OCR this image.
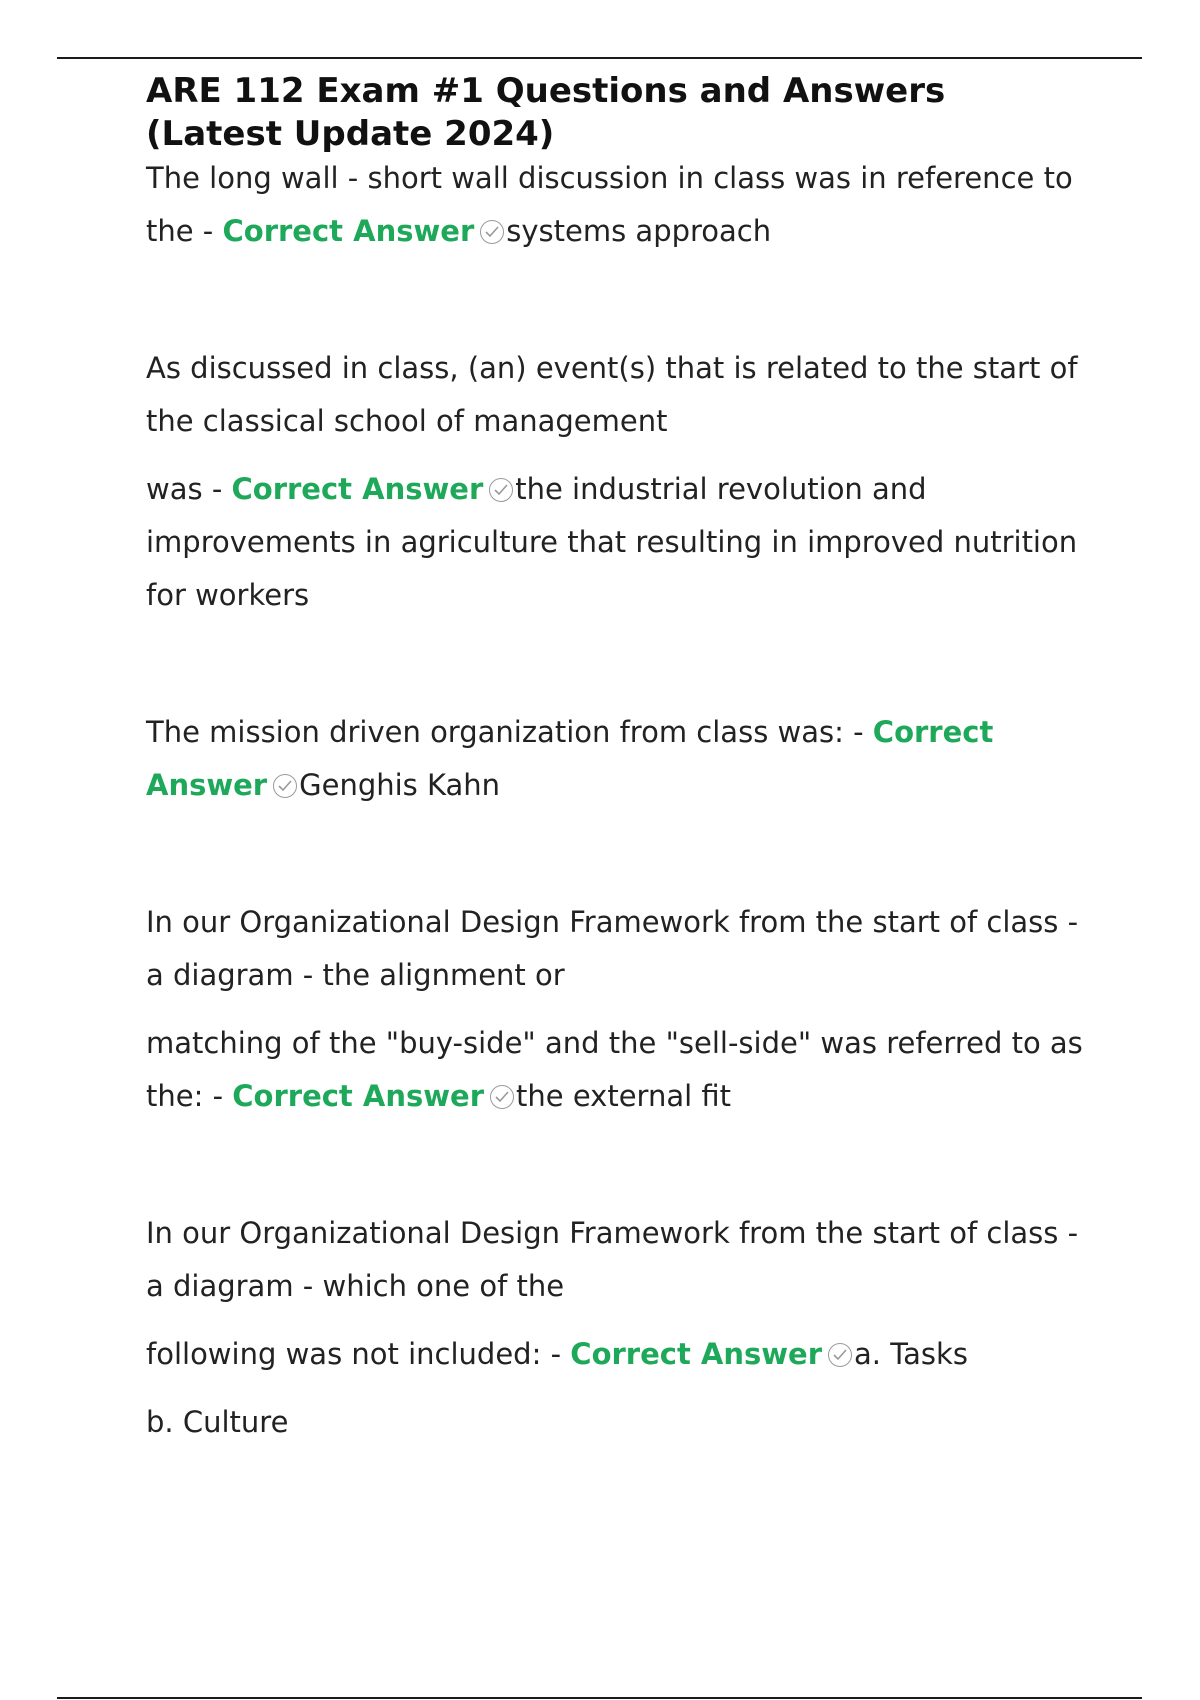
ARE 112 Exam #1 Questions and Answers (Latest Update 2024)

The long wall - short wall discussion in class was in reference to the - Correct Answer systems approach

As discussed in class, (an) event(s) that is related to the start of the classical school of management

was - Correct Answer the industrial revolution and improvements in agriculture that resulting in improved nutrition for workers

The mission driven organization from class was: - Correct Answer Genghis Kahn

In our Organizational Design Framework from the start of class - a diagram - the alignment or

matching of the "buy-side" and the "sell-side" was referred to as the: - Correct Answer the external fit

In our Organizational Design Framework from the start of class - a diagram - which one of the

following was not included: - Correct Answer a. Tasks

b. Culture
